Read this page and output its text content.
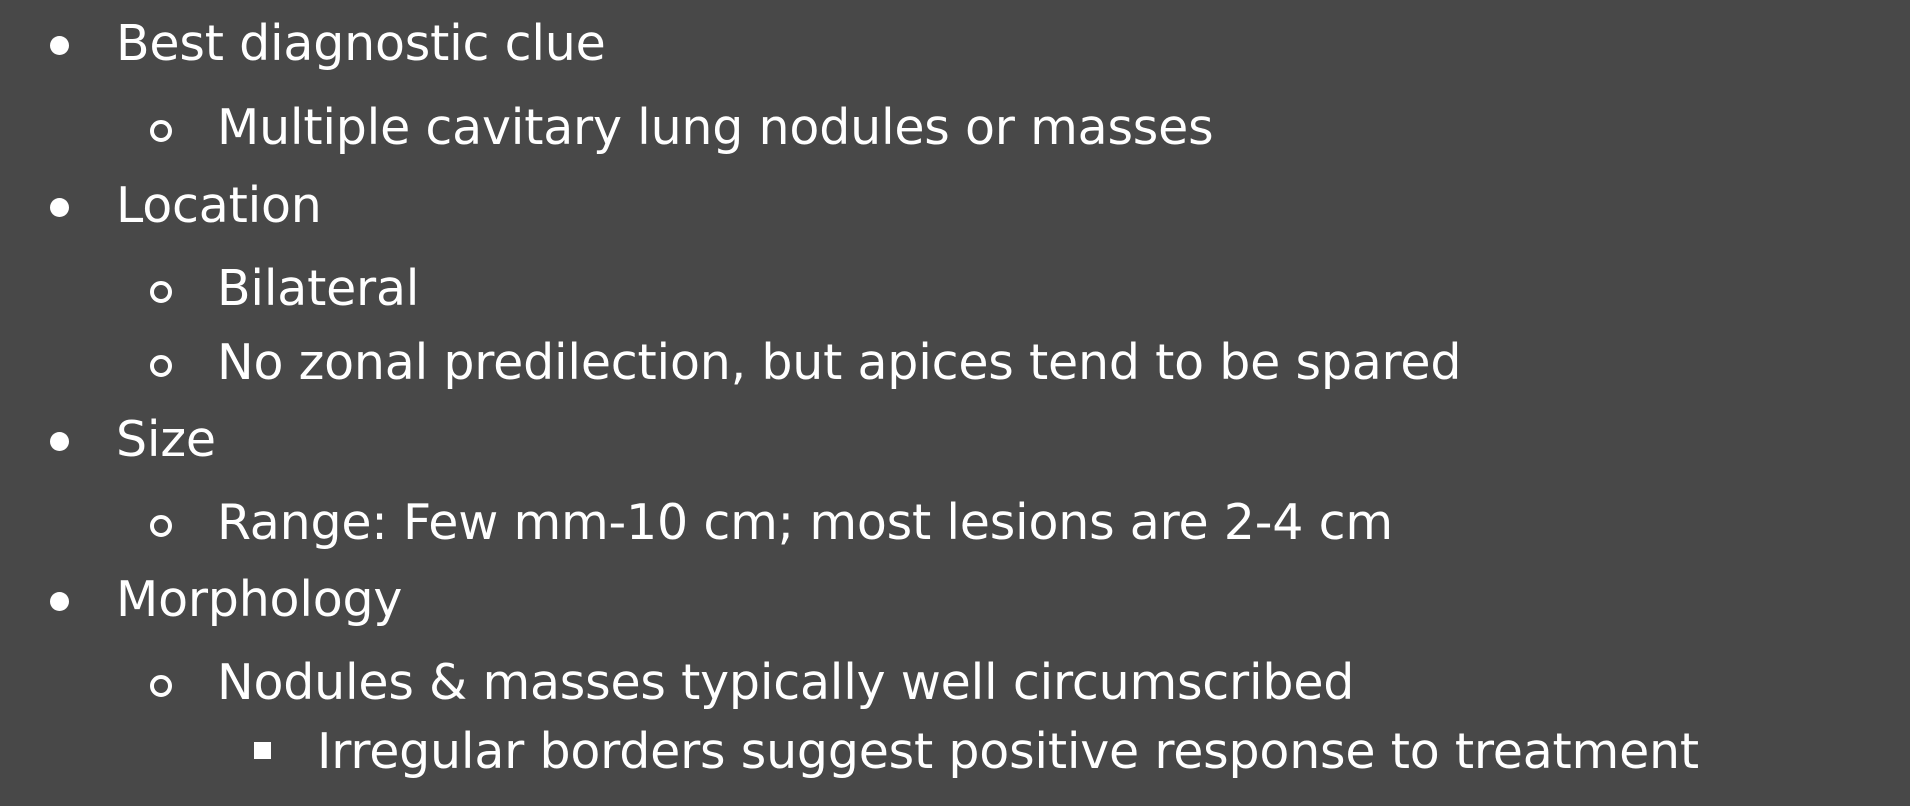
Best diagnostic clue
Multiple cavitary lung nodules or masses
Location
Bilateral
No zonal predilection, but apices tend to be spared
Size
Range: Few mm-10 cm; most lesions are 2-4 cm
Morphology
Nodules & masses typically well circumscribed
Irregular borders suggest positive response to treatment
